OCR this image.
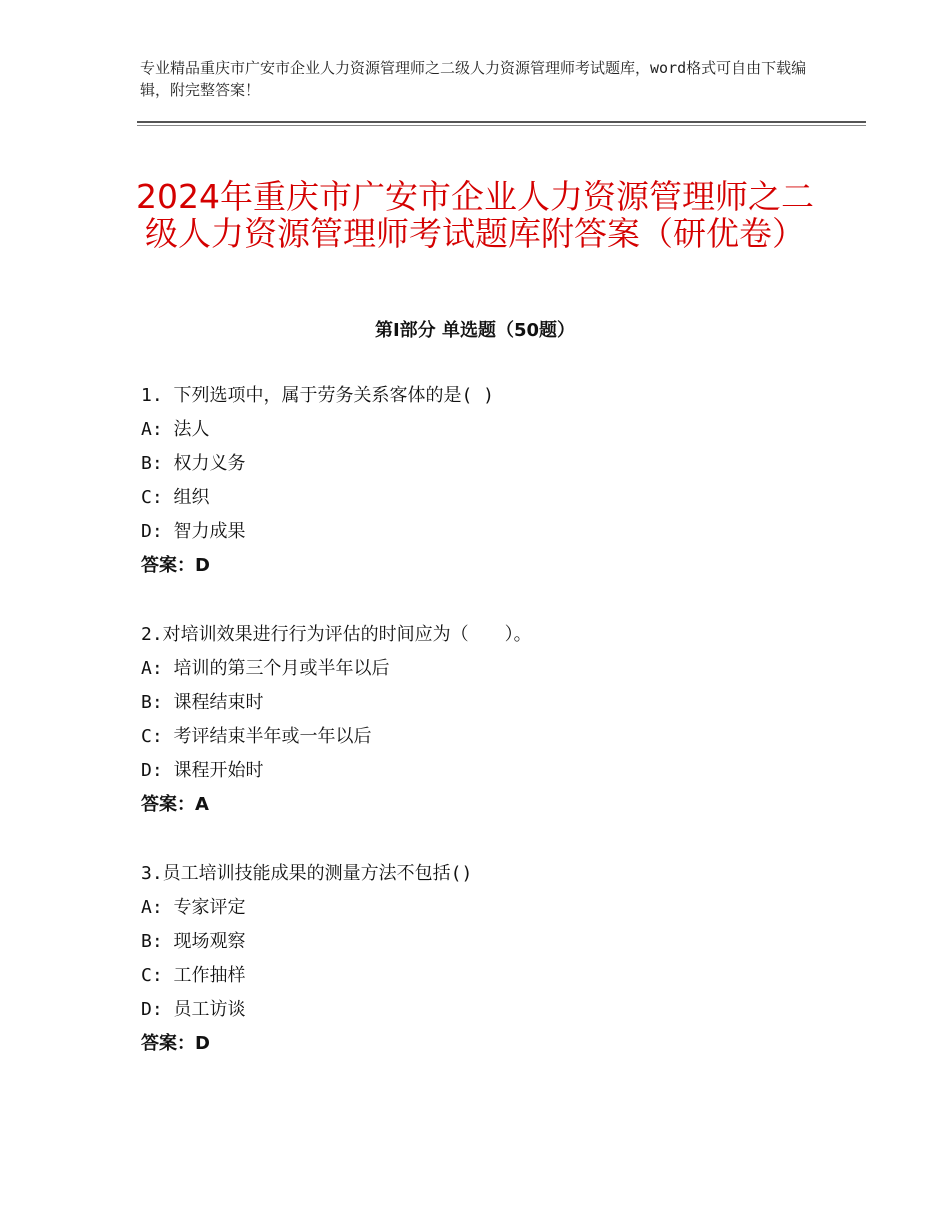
专业精品重庆市广安市企业人力资源管理师之二级人力资源管理师考试题库，word格式可自由下载编辑，附完整答案！
2024年重庆市广安市企业人力资源管理师之二级人力资源管理师考试题库附答案（研优卷）
第Ⅰ部分 单选题（50题）
1. 下列选项中，属于劳务关系客体的是( )
A: 法人
B: 权力义务
C: 组织
D: 智力成果
答案：D
2.对培训效果进行行为评估的时间应为（　　）。
A: 培训的第三个月或半年以后
B: 课程结束时
C: 考评结束半年或一年以后
D: 课程开始时
答案：A
3.员工培训技能成果的测量方法不包括()
A: 专家评定
B: 现场观察
C: 工作抽样
D: 员工访谈
答案：D
